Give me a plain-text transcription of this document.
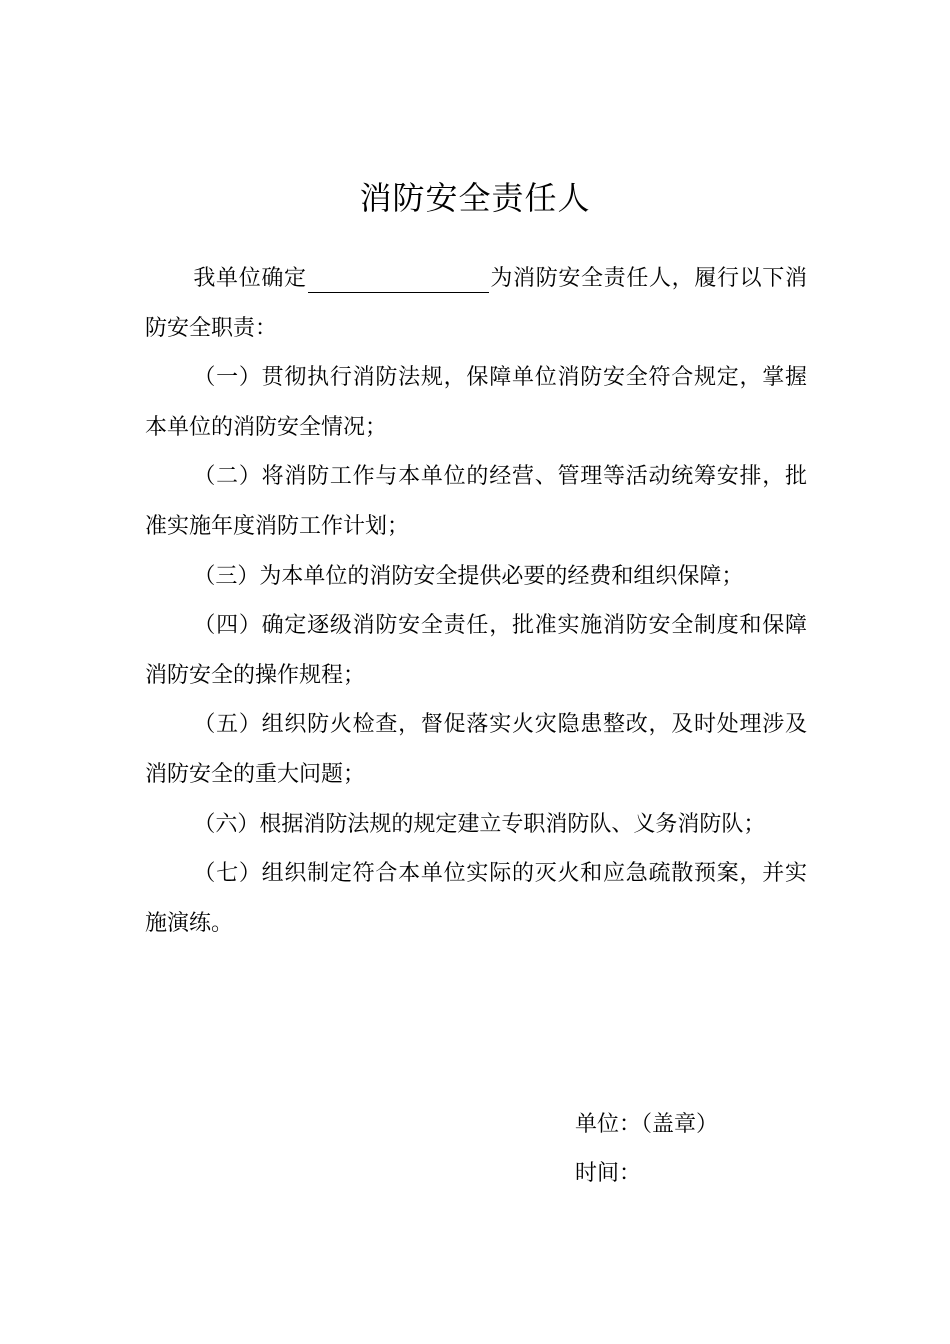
消防安全责任人

我单位确定	为消防安全责任人，履行以下消防安全职责：

（一）贯彻执行消防法规，保障单位消防安全符合规定，掌握本单位的消防安全情况；

（二）将消防工作与本单位的经营、管理等活动统筹安排，批准实施年度消防工作计划；

（三）为本单位的消防安全提供必要的经费和组织保障；

（四）确定逐级消防安全责任，批准实施消防安全制度和保障消防安全的操作规程；

（五）组织防火检查，督促落实火灾隐患整改，及时处理涉及消防安全的重大问题；

（六）根据消防法规的规定建立专职消防队、义务消防队；

（七）组织制定符合本单位实际的灭火和应急疏散预案，并实施演练。

单位：（盖章）
时间：
